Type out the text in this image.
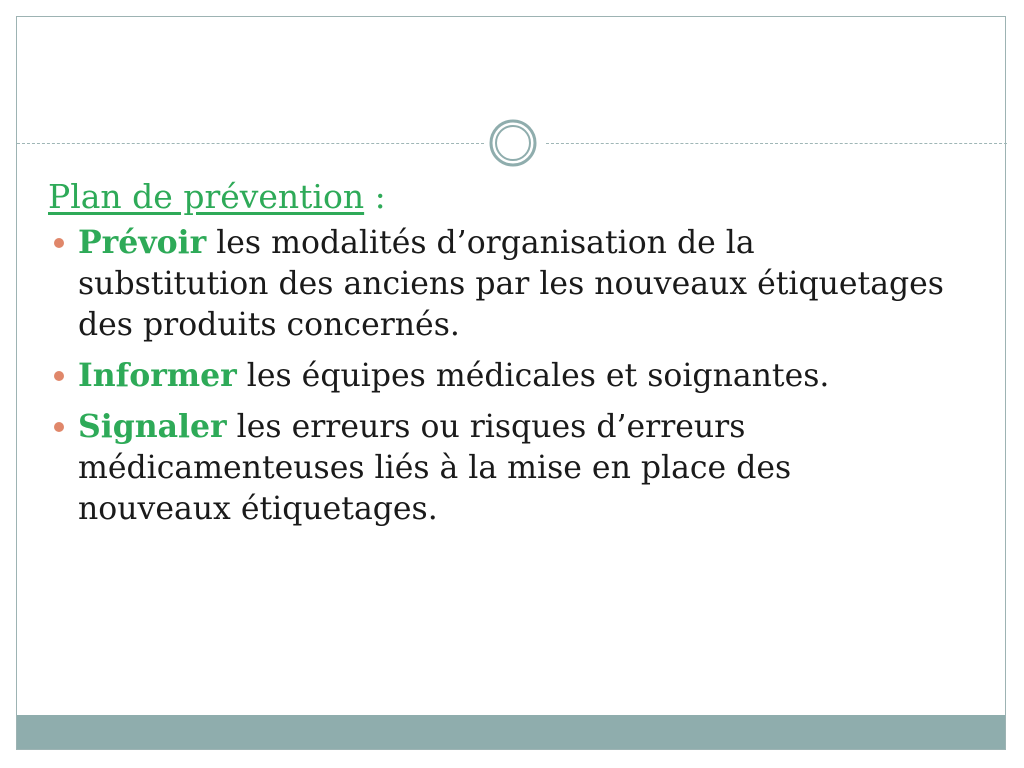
Plan de prévention :

Prévoir les modalités d’organisation de la substitution des anciens par les nouveaux étiquetages des produits concernés.
Informer les équipes médicales et soignantes.
Signaler les erreurs ou risques d’erreurs médicamenteuses liés à la mise en place des nouveaux étiquetages.
